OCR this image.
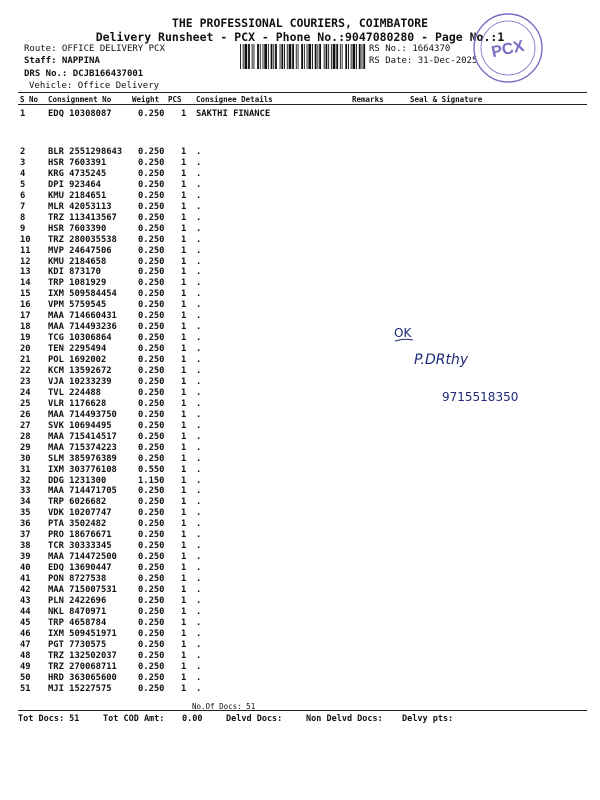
THE PROFESSIONAL COURIERS, COIMBATORE
Delivery Runsheet - PCX - Phone No.:9047080280 - Page No.:1
Route: OFFICE DELIVERY PCX
Staff: NAPPINA
DRS No.: DCJB166437001
Vehicle: Office Delivery
RS No.: 1664370
RS Date: 31-Dec-2025 PCX
S No Consignment No	Weight PCS Consignee Details	Remarks	Seal & Signature
1	EDQ 10308087	0.250 1 SAKTHI FINANCE
2	BLR 2551298643 0.250 1 .
3	HSR 7603391	0.250 1 .
4	KRG 4735245	0.250 1 .
5	DPI 923464	0.250 1 .
6	KMU 2184651	0.250 1 .
7	MLR 42053113	0.250 1 .
8	TRZ 113413567 0.250 1 .
9	HSR 7603390	0.250 1 .
10 TRZ 280035538 0.250 1 .
11 MVP 24647506	0.250 1 .
12 KMU 2184658	0.250 1 .
13 KDI 873170	0.250 1 .
14 TRP 1081929	0.250 1 .
15 IXM 509584454 0.250 1 .
16 VPM 5759545	0.250 1 .
17 MAA 714660431 0.250 1 .
18 MAA 714493236 0.250 1 .
19 TCG 10306864	0.250 1 .
20 TEN 2295494	0.250 1 .
21 POL 1692002	0.250 1 .
22 KCM 13592672	0.250 1 .
23 VJA 10233239	0.250 1 .
24 TVL 224488	0.250 1 .
25 VLR 1176628	0.250 1 .
26 MAA 714493750 0.250 1 .
27 SVK 10694495	0.250 1 .
28 MAA 715414517 0.250 1 .
29 MAA 715374223 0.250 1 .
30 SLM 385976389 0.250 1 .
31 IXM 303776108 0.550 1 .
32 DDG 1231300	1.150 1 .
33 MAA 714471705 0.250 1 .
34 TRP 6026682	0.250 1 .
35 VDK 10207747	0.250 1 .
36 PTA 3502482	0.250 1 .
37 PRO 18676671	0.250 1 .
38 TCR 30333345	0.250 1 .
39 MAA 714472500 0.250 1 .
40 EDQ 13690447	0.250 1 .
41 PON 8727538	0.250 1 .
42 MAA 715007531 0.250 1 .
43 PLN 2422696	0.250 1 .
44 NKL 8470971	0.250 1 .
45 TRP 4658784	0.250 1 .
46 IXM 509451971 0.250 1 .
47 PGT 7730575	0.250 1 .
48 TRZ 132502037 0.250 1 .
49 TRZ 270068711 0.250 1 .
50 HRD 363065600 0.250 1 .
51 MJI 15227575	0.250 1 .
No.Of Docs: 51
Tot Docs: 51	Tot COD Amt: 0.00	Delvd Docs:	Non Delvd Docs: Delvy pts:
OK
P.DRthy
9715518350
